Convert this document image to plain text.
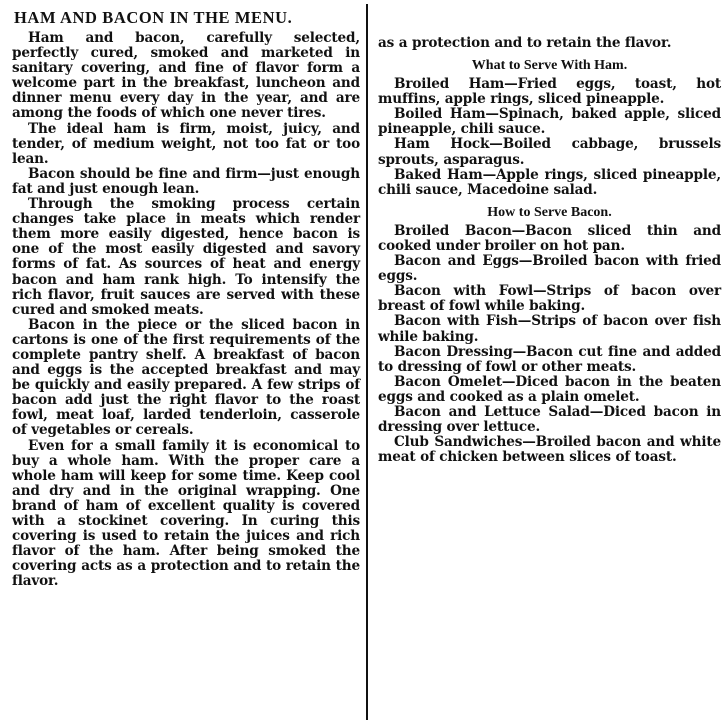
HAM AND BACON IN THE MENU.

Ham and bacon, carefully selected, perfectly cured, smoked and marketed in sanitary covering, and fine of flavor form a welcome part in the breakfast, luncheon and dinner menu every day in the year, and are among the foods of which one never tires.

The ideal ham is firm, moist, juicy, and tender, of medium weight, not too fat or too lean.

Bacon should be fine and firm—just enough fat and just enough lean.

Through the smoking process certain changes take place in meats which render them more easily digested, hence bacon is one of the most easily digested and savory forms of fat. As sources of heat and energy bacon and ham rank high. To intensify the rich flavor, fruit sauces are served with these cured and smoked meats.

Bacon in the piece or the sliced bacon in cartons is one of the first requirements of the complete pantry shelf. A breakfast of bacon and eggs is the accepted breakfast and may be quickly and easily prepared. A few strips of bacon add just the right flavor to the roast fowl, meat loaf, larded tenderloin, casserole of vegetables or cereals.

Even for a small family it is economical to buy a whole ham. With the proper care a whole ham will keep for some time. Keep cool and dry and in the original wrapping. One brand of ham of excellent quality is covered with a stockinet covering. In curing this covering is used to retain the juices and rich flavor of the ham. After being smoked the covering acts as a protection and to retain the flavor.

as a protection and to retain the flavor.

What to Serve With Ham.

Broiled Ham—Fried eggs, toast, hot muffins, apple rings, sliced pineapple.

Boiled Ham—Spinach, baked apple, sliced pineapple, chili sauce.

Ham Hock—Boiled cabbage, brussels sprouts, asparagus.

Baked Ham—Apple rings, sliced pineapple, chili sauce, Macedoine salad.

How to Serve Bacon.

Broiled Bacon—Bacon sliced thin and cooked under broiler on hot pan.

Bacon and Eggs—Broiled bacon with fried eggs.

Bacon with Fowl—Strips of bacon over breast of fowl while baking.

Bacon with Fish—Strips of bacon over fish while baking.

Bacon Dressing—Bacon cut fine and added to dressing of fowl or other meats.

Bacon Omelet—Diced bacon in the beaten eggs and cooked as a plain omelet.

Bacon and Lettuce Salad—Diced bacon in dressing over lettuce.

Club Sandwiches—Broiled bacon and white meat of chicken between slices of toast.
